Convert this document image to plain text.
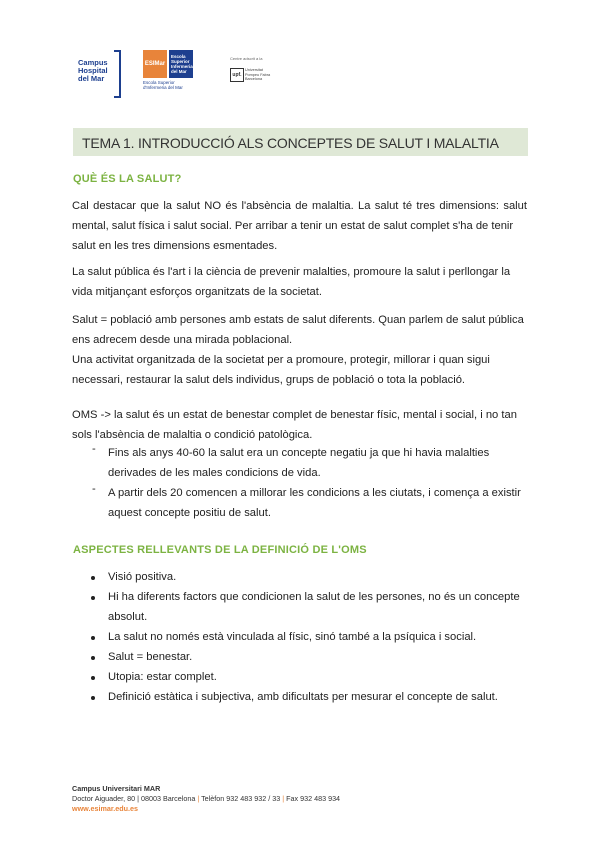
Campus
Hospital
del Mar
ESIMar
Escola
Superior
Infermeria
del Mar
Escola Superior
d'Infermeria del Mar
Centre adscrit a la
upf.
Universitat
Pompeu Fabra
Barcelona
TEMA 1. INTRODUCCIÓ ALS CONCEPTES DE SALUT I MALALTIA
QUÈ ÉS LA SALUT?
Cal destacar que la salut NO és l'absència de malaltia. La salut té tres dimensions: salut
mental, salut física i salut social. Per arribar a tenir un estat de salut complet s'ha de tenir
salut en les tres dimensions esmentades.
La salut pública és l'art i la ciència de prevenir malalties, promoure la salut i perllongar la
vida mitjançant esforços organitzats de la societat.
Salut = població amb persones amb estats de salut diferents. Quan parlem de salut pública
ens adrecem desde una mirada poblacional.
Una activitat organitzada de la societat per a promoure, protegir, millorar i quan sigui
necessari, restaurar la salut dels individus, grups de població o tota la població.
OMS -> la salut és un estat de benestar complet de benestar físic, mental i social, i no tan
sols l'absència de malaltia o condició patològica.
- Fins als anys 40-60 la salut era un concepte negatiu ja que hi havia malalties
derivades de les males condicions de vida.
- A partir dels 20 comencen a millorar les condicions a les ciutats, i comença a existir
aquest concepte positiu de salut.
ASPECTES RELLEVANTS DE LA DEFINICIÓ DE L'OMS
Visió positiva.
Hi ha diferents factors que condicionen la salut de les persones, no és un concepte
absolut.
La salut no només està vinculada al físic, sinó també a la psíquica i social.
Salut = benestar.
Utopia: estar complet.
Definició estàtica i subjectiva, amb dificultats per mesurar el concepte de salut.
Campus Universitari MAR
Doctor Aiguader, 80 | 08003 Barcelona | Telèfon 932 483 932 / 33 | Fax 932 483 934
www.esimar.edu.es
